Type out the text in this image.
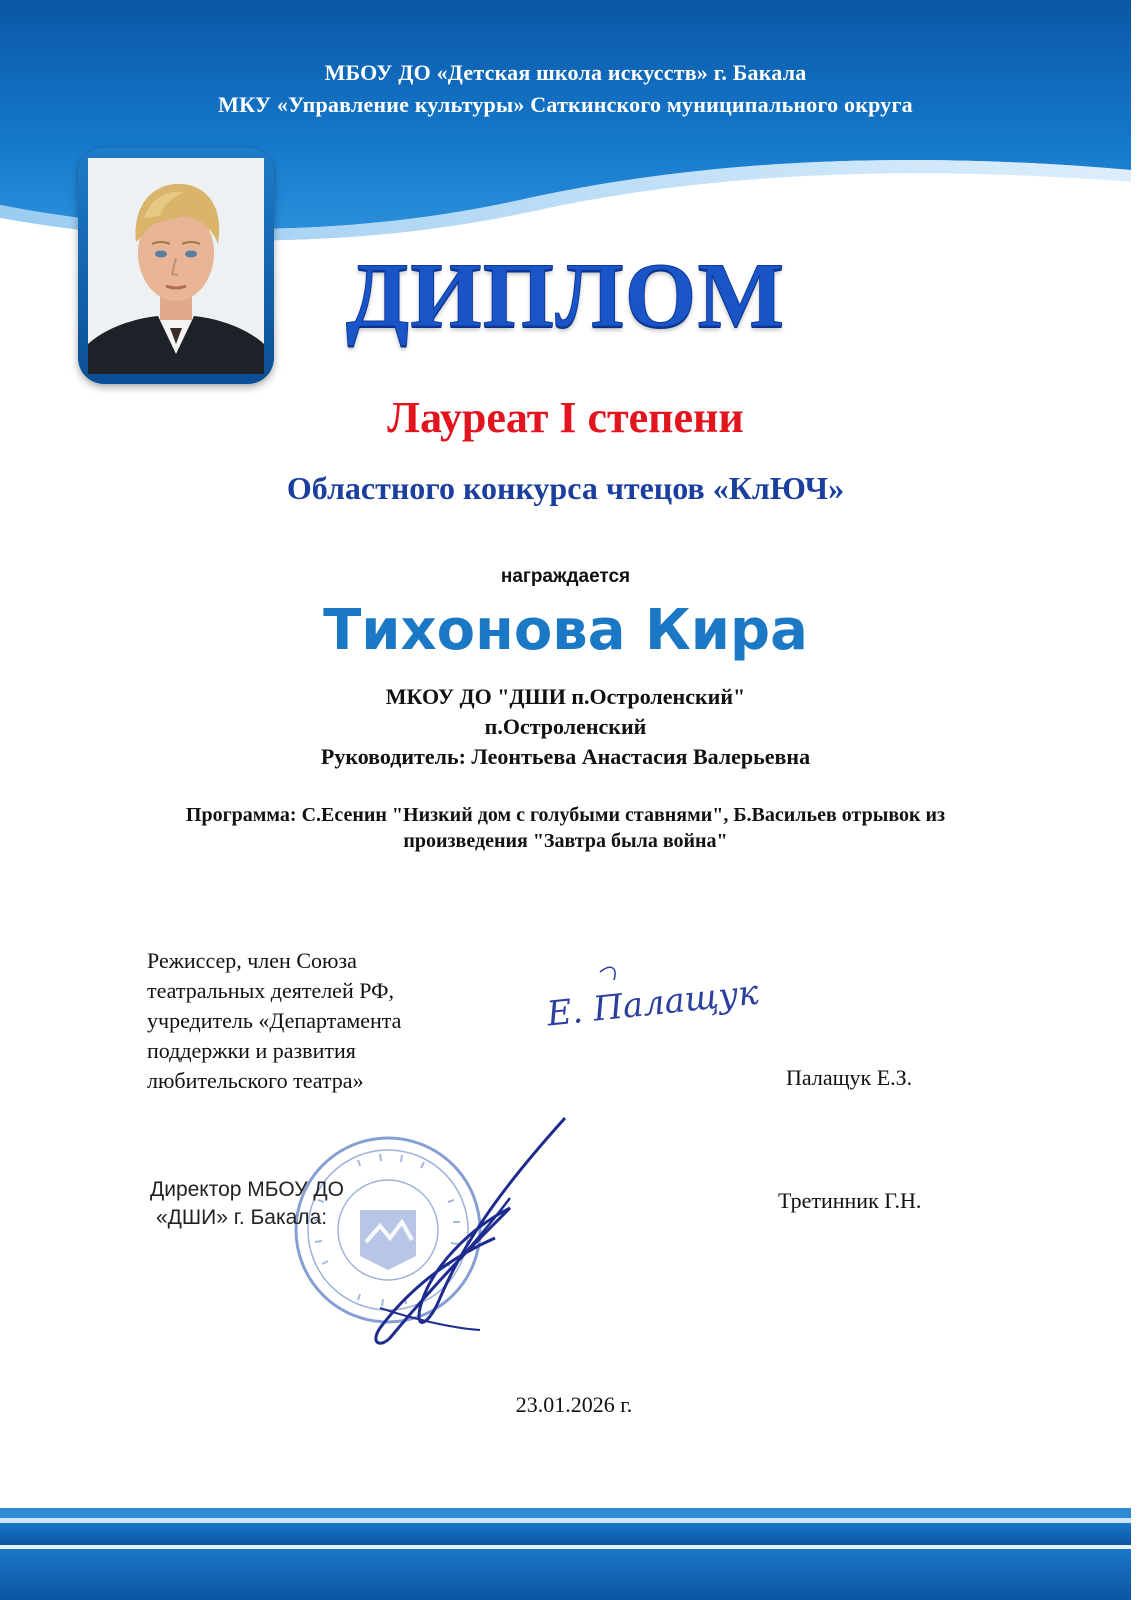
МБОУ ДО «Детская школа искусств» г. Бакала
МКУ «Управление культуры» Саткинского муниципального округа
ДИПЛОМ
Лауреат I степени
Областного конкурса чтецов «КлЮЧ»
награждается
Тихонова Кира
МКОУ ДО "ДШИ п.Остроленский"
п.Остроленский
Руководитель: Леонтьева Анастасия Валерьевна
Программа: С.Есенин "Низкий дом с голубыми ставнями", Б.Васильев отрывок из
произведения "Завтра была война"
Режиссер, член Союза
театральных деятелей РФ,
учредитель «Департамента
поддержки и развития
любительского театра»
Е. Палащук
Палащук Е.З.
Директор МБОУ ДО
«ДШИ» г. Бакала:
Третинник Г.Н.
23.01.2026 г.
